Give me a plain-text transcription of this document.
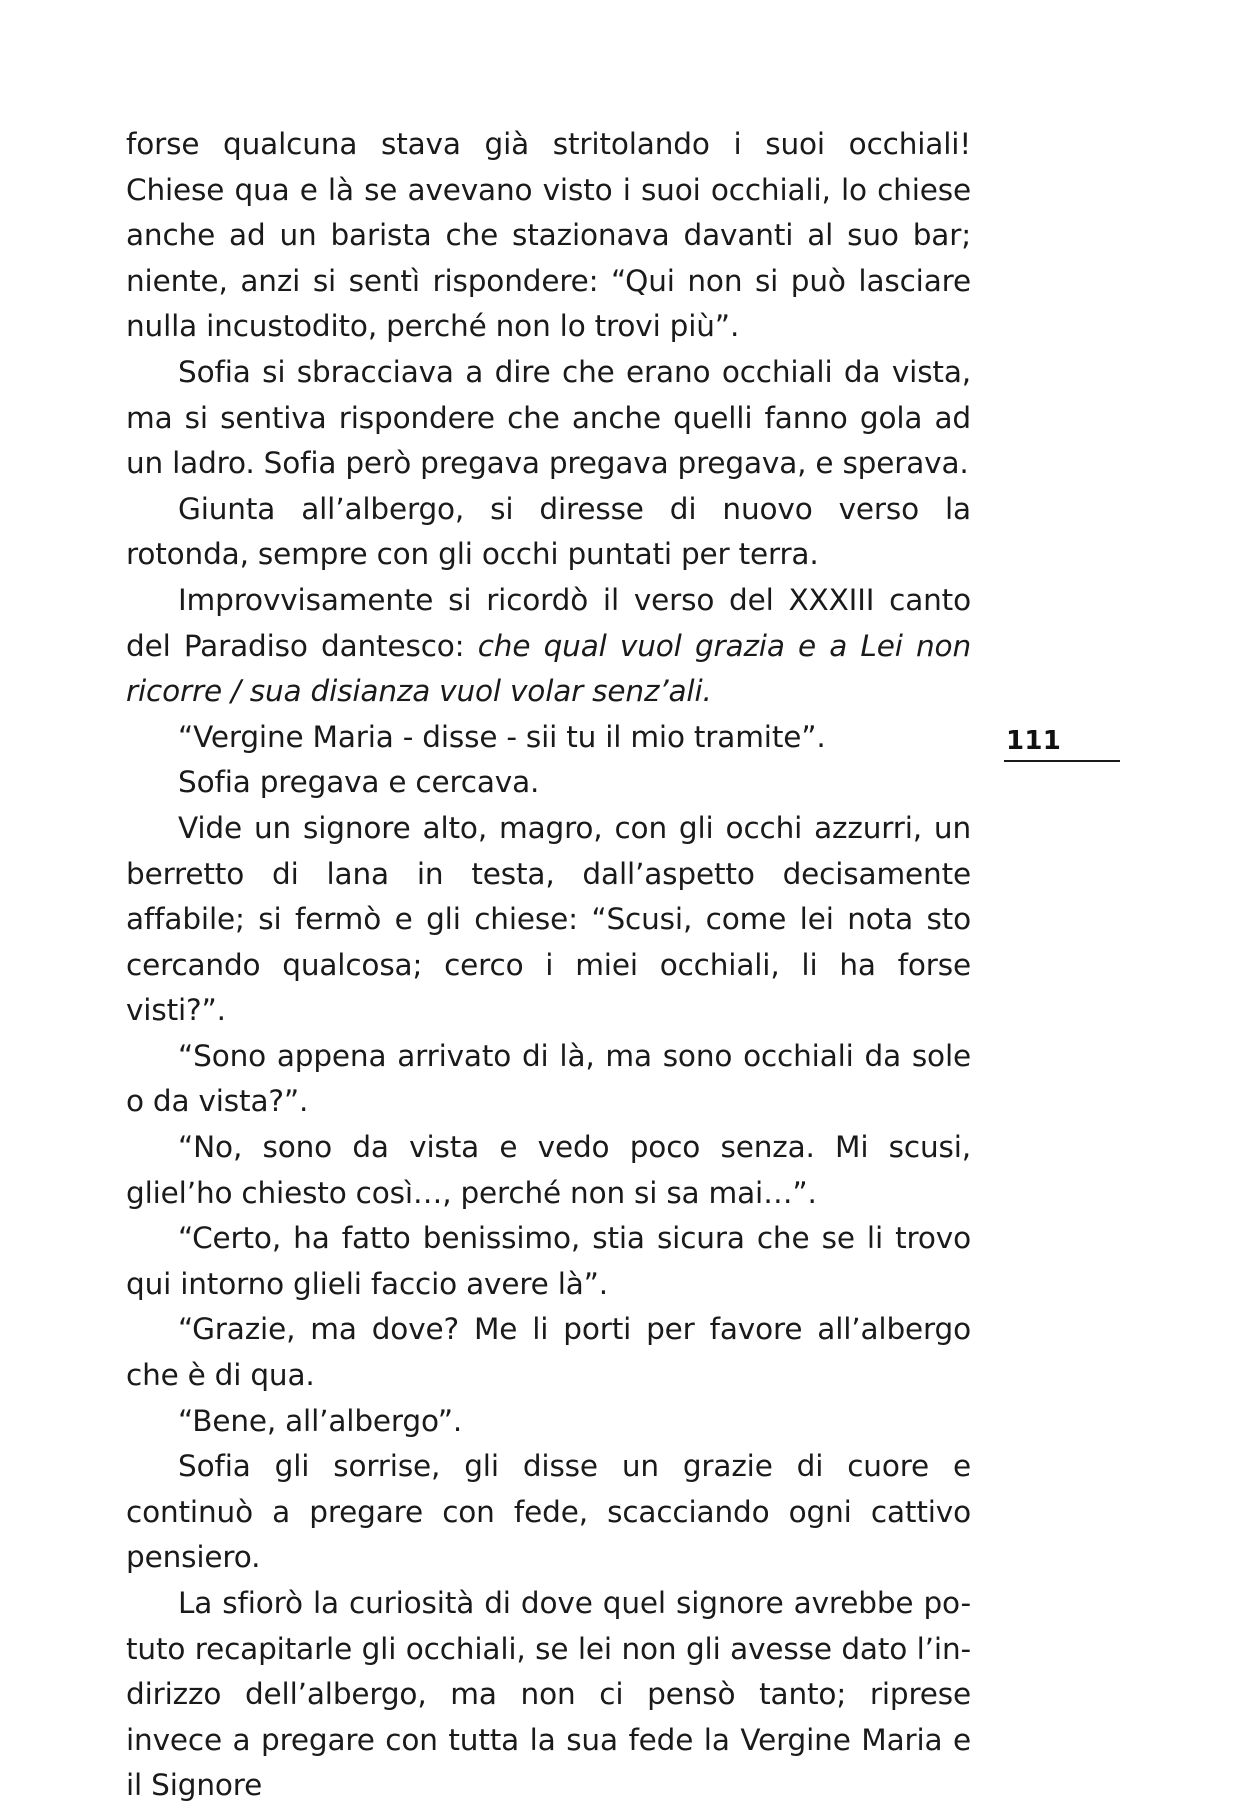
forse qualcuna stava già stritolando i suoi occhiali! Chiese qua e là se avevano visto i suoi occhiali, lo chiese anche ad un barista che stazionava davanti al suo bar; niente, anzi si sentì rispondere: “Qui non si può lasciare nulla incustodito, perché non lo trovi più”.

Sofia si sbracciava a dire che erano occhiali da vista, ma si sentiva rispondere che anche quelli fanno gola ad un ladro. Sofia però pregava pregava pregava, e sperava.

Giunta all’albergo, si diresse di nuovo verso la rotonda, sempre con gli occhi puntati per terra.

Improvvisamente si ricordò il verso del XXXIII canto del Paradiso dantesco: che qual vuol grazia e a Lei non ricorre / sua disianza vuol volar senz’ali.

“Vergine Maria - disse - sii tu il mio tramite”.

Sofia pregava e cercava.

Vide un signore alto, magro, con gli occhi azzurri, un berretto di lana in testa, dall’aspetto decisamente affabile; si fermò e gli chiese: “Scusi, come lei nota sto cercando qualcosa; cerco i miei occhiali, li ha forse visti?”.

“Sono appena arrivato di là, ma sono occhiali da sole o da vista?”.

“No, sono da vista e vedo poco senza. Mi scusi, gliel’ho chiesto così…, perché non si sa mai…”.

“Certo, ha fatto benissimo, stia sicura che se li trovo qui intorno glieli faccio avere là”.

“Grazie, ma dove? Me li porti per favore all’albergo che è di qua.

“Bene, all’albergo”.

Sofia gli sorrise, gli disse un grazie di cuore e continuò a pregare con fede, scacciando ogni cattivo pensiero.

La sfiorò la curiosità di dove quel signore avrebbe po-tuto recapitarle gli occhiali, se lei non gli avesse dato l’in-dirizzo dell’albergo, ma non ci pensò tanto; riprese invece a pregare con tutta la sua fede la Vergine Maria e il Signore

111
